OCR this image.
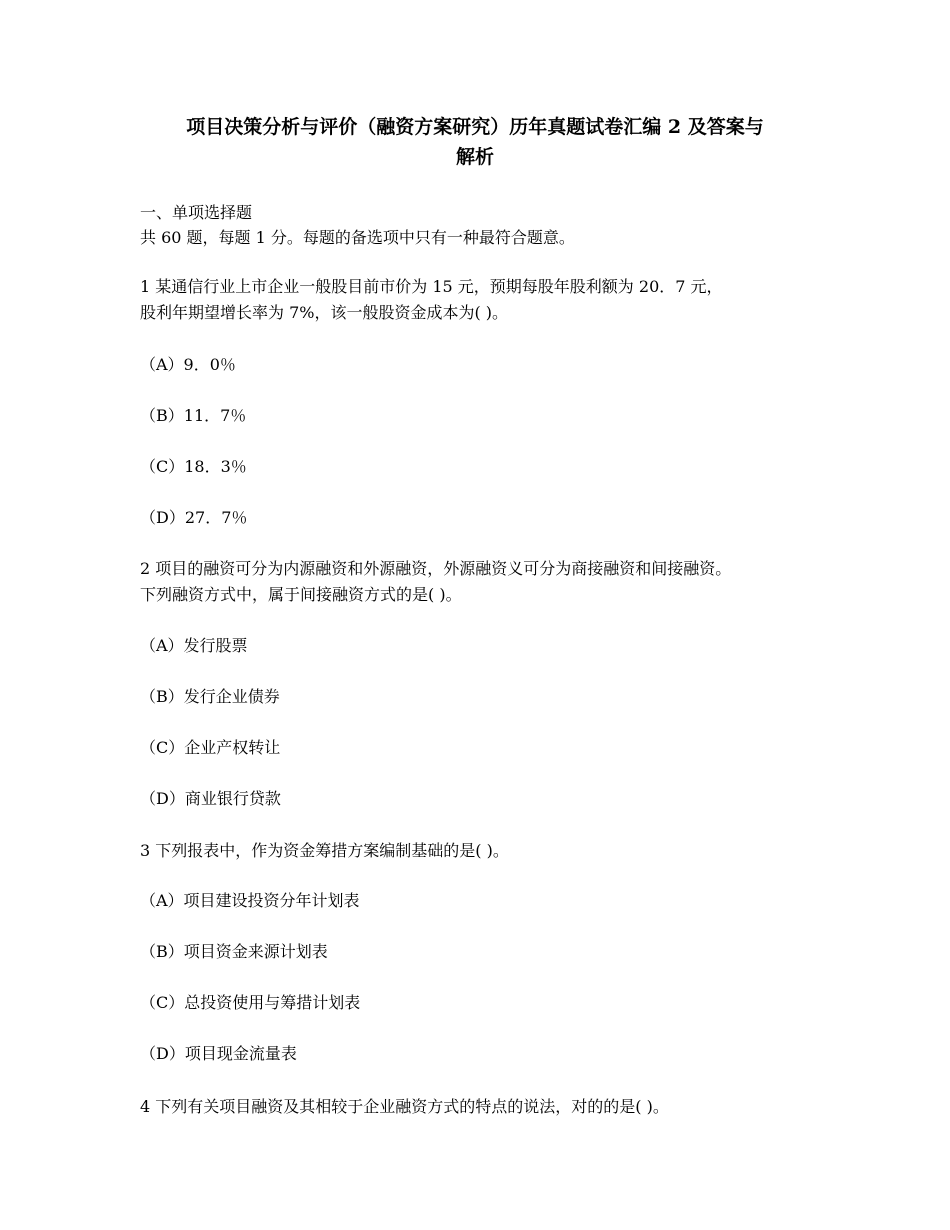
项目决策分析与评价（融资方案研究）历年真题试卷汇编 2 及答案与
解析
一、单项选择题
共 60 题，每题 1 分。每题的备选项中只有一种最符合题意。
1 某通信行业上市企业一般股目前市价为 15 元，预期每股年股利额为 20．7 元，
股利年期望增长率为 7%，该一般股资金成本为( )。
（A）9．0％
（B）11．7％
（C）18．3％
（D）27．7％
2 项目的融资可分为内源融资和外源融资，外源融资义可分为商接融资和间接融资。
下列融资方式中，属于间接融资方式的是( )。
（A）发行股票
（B）发行企业债券
（C）企业产权转让
（D）商业银行贷款
3 下列报表中，作为资金筹措方案编制基础的是( )。
（A）项目建设投资分年计划表
（B）项目资金来源计划表
（C）总投资使用与筹措计划表
（D）项目现金流量表
4 下列有关项目融资及其相较于企业融资方式的特点的说法，对的的是( )。
